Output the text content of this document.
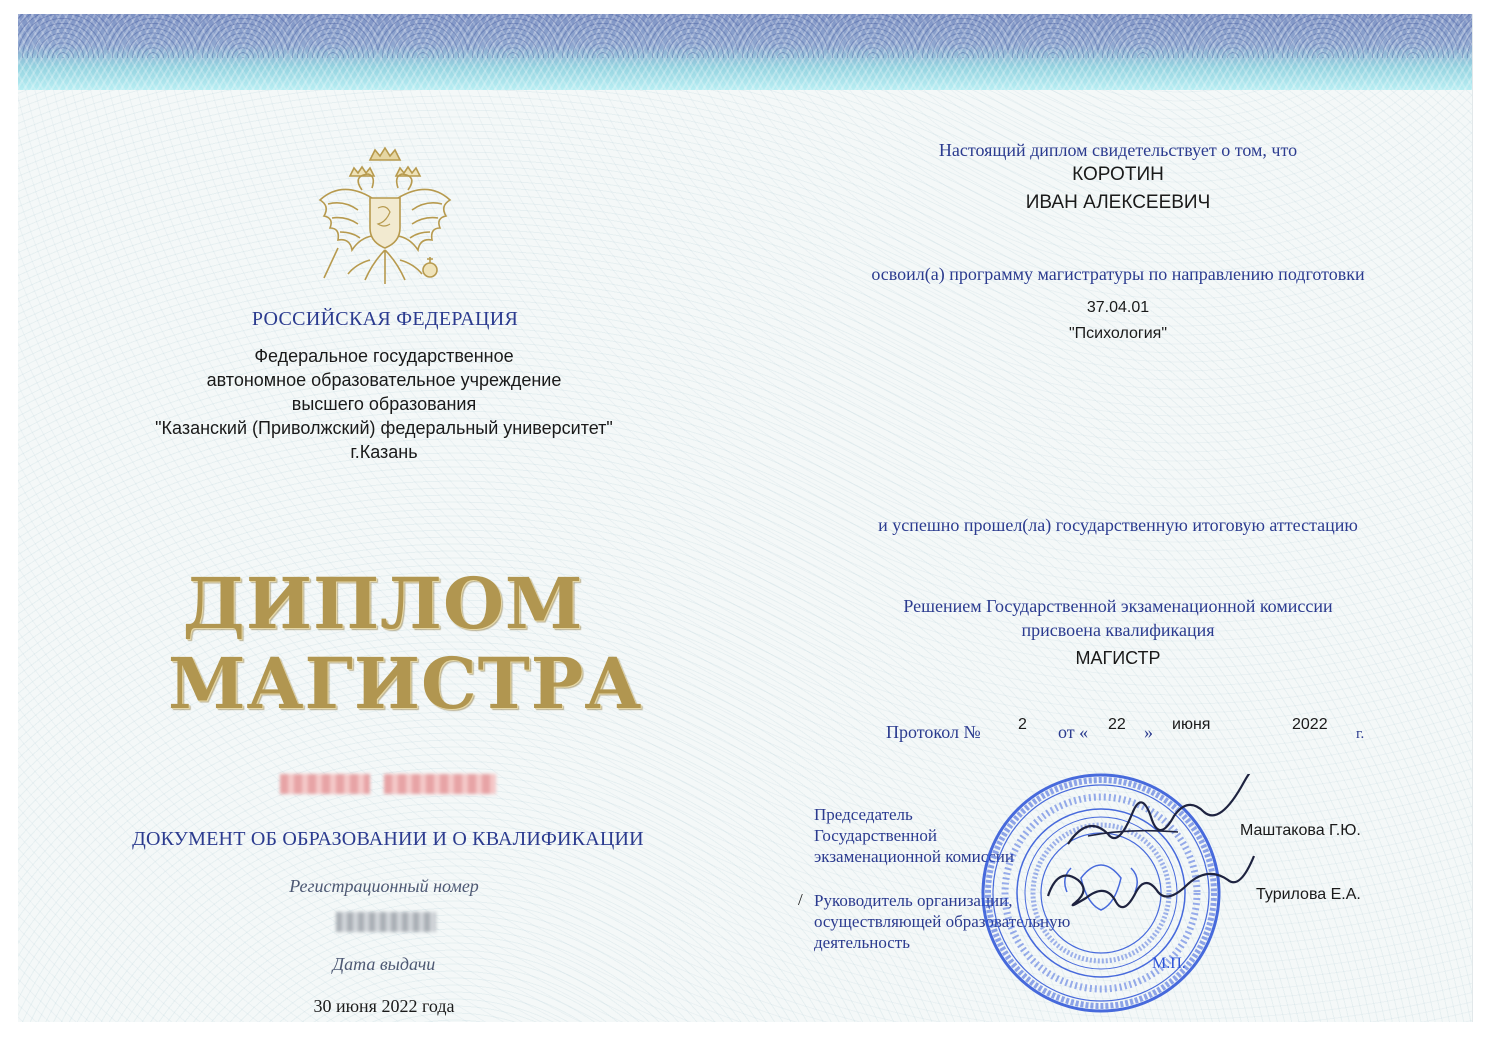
РОССИЙСКАЯ ФЕДЕРАЦИЯ
Федеральное государственное
автономное образовательное учреждение
высшего образования
"Казанский (Приволжский) федеральный университет"
г.Казань
ДИПЛОМ
МАГИСТРА
ДОКУМЕНТ ОБ ОБРАЗОВАНИИ И О КВАЛИФИКАЦИИ
Регистрационный номер
Дата выдачи
30 июня 2022 года
Настоящий диплом свидетельствует о том, что
КОРОТИН
ИВАН АЛЕКСЕЕВИЧ
освоил(а) программу магистратуры по направлению подготовки
37.04.01
"Психология"
и успешно прошел(ла) государственную итоговую аттестацию
Решением Государственной экзаменационной комиссии
присвоена квалификация
МАГИСТР
Протокол № 2 от « 22 » июня	2022
г.
Председатель
Государственной
экзаменационной комиссии
/ Руководитель организации,
осуществляющей образовательную
деятельность
М.П.
Маштакова Г.Ю.
Турилова Е.А.
